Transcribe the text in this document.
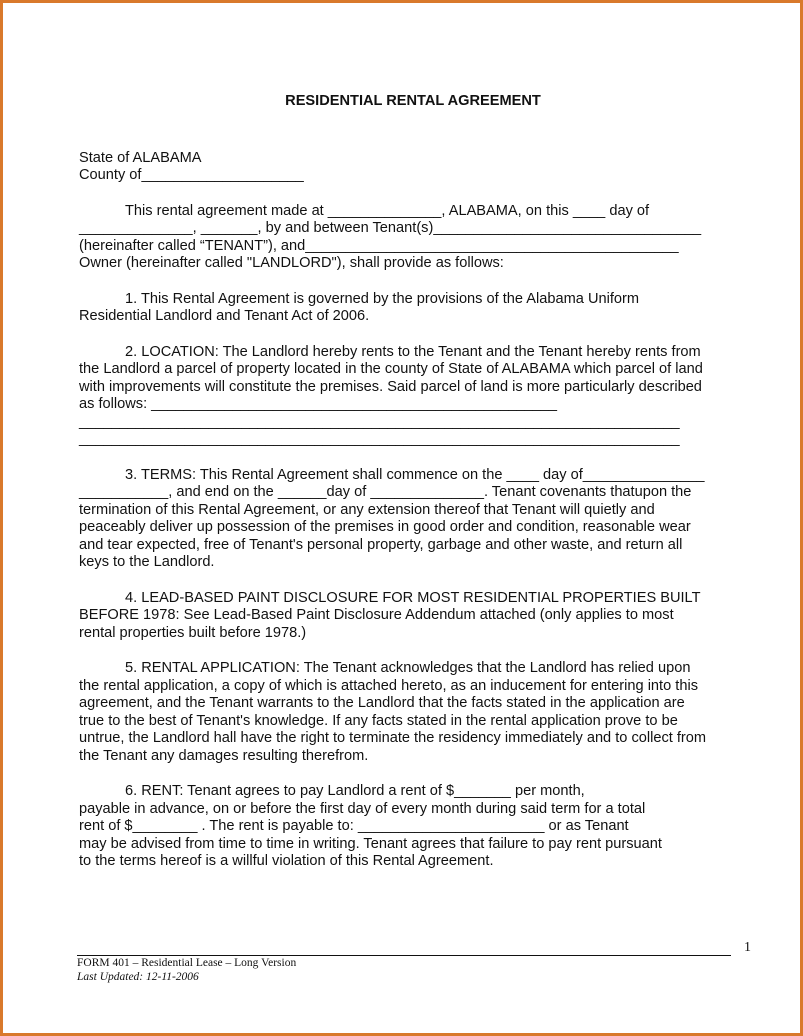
RESIDENTIAL RENTAL AGREEMENT
State of ALABAMA
County of____________________
This rental agreement made at ______________, ALABAMA, on this ____ day of
______________, _______, by and between Tenant(s)_________________________________
(hereinafter called “TENANT”), and______________________________________________
Owner (hereinafter called "LANDLORD"), shall provide as follows:
1. This Rental Agreement is governed by the provisions of the Alabama Uniform
Residential Landlord and Tenant Act of 2006.
2. LOCATION: The Landlord hereby rents to the Tenant and the Tenant hereby rents from
the Landlord a parcel of property located in the county of State of ALABAMA which parcel of land
with improvements will constitute the premises. Said parcel of land is more particularly described
as follows: __________________________________________________
__________________________________________________________________________
__________________________________________________________________________
3. TERMS: This Rental Agreement shall commence on the ____ day of_______________
___________, and end on the ______day of ______________. Tenant covenants thatupon the
termination of this Rental Agreement, or any extension thereof that Tenant will quietly and
peaceably deliver up possession of the premises in good order and condition, reasonable wear
and tear expected, free of Tenant's personal property, garbage and other waste, and return all
keys to the Landlord.
4. LEAD-BASED PAINT DISCLOSURE FOR MOST RESIDENTIAL PROPERTIES BUILT
BEFORE 1978: See Lead-Based Paint Disclosure Addendum attached (only applies to most
rental properties built before 1978.)
5. RENTAL APPLICATION: The Tenant acknowledges that the Landlord has relied upon
the rental application, a copy of which is attached hereto, as an inducement for entering into this
agreement, and the Tenant warrants to the Landlord that the facts stated in the application are
true to the best of Tenant's knowledge. If any facts stated in the rental application prove to be
untrue, the Landlord hall have the right to terminate the residency immediately and to collect from
the Tenant any damages resulting therefrom.
6. RENT: Tenant agrees to pay Landlord a rent of $_______ per month,
payable in advance, on or before the first day of every month during said term for a total
rent of $________ . The rent is payable to: _______________________ or as Tenant
may be advised from time to time in writing. Tenant agrees that failure to pay rent pursuant
to the terms hereof is a willful violation of this Rental Agreement.
1
FORM 401 – Residential Lease – Long Version
Last Updated: 12-11-2006
